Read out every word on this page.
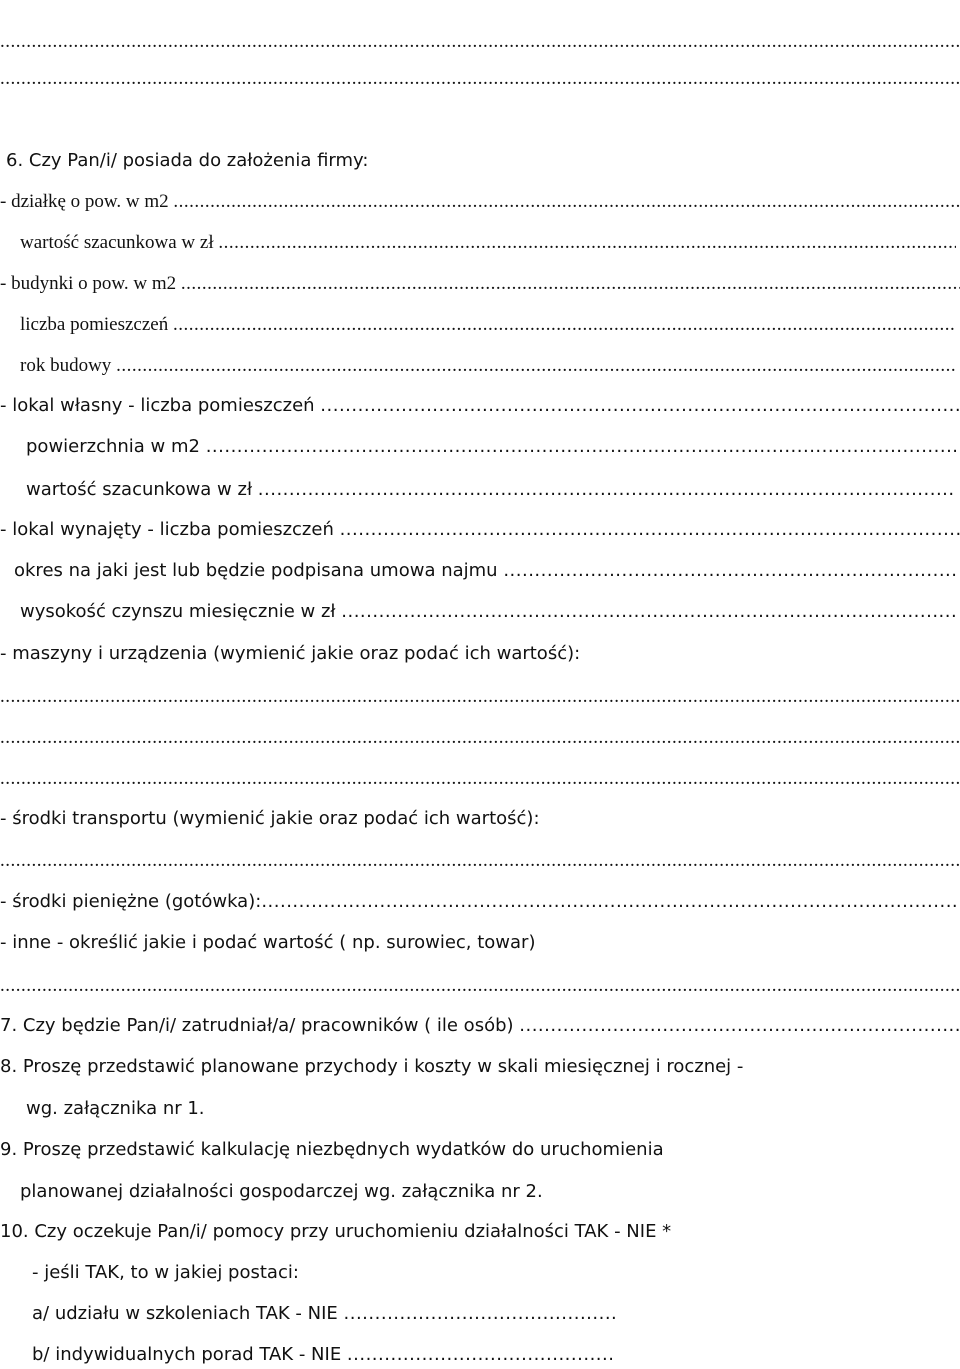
.....
.....
6. Czy Pan/i/ posiada do założenia firmy:
- działkę o pow. w m2
.....
wartość szacunkowa w zł
.....
- budynki o pow. w m2
.....
liczba pomieszczeń
.....
rok budowy
.....
- lokal własny - liczba pomieszczeń
.....
powierzchnia w m2
.....
wartość szacunkowa w zł
.....
- lokal wynajęty - liczba pomieszczeń
.....
okres na jaki jest lub będzie podpisana umowa najmu
.....
wysokość czynszu miesięcznie w zł
.....
- maszyny i urządzenia (wymienić jakie oraz podać ich wartość):
.....
.....
.....
- środki transportu (wymienić jakie oraz podać ich wartość):
.....
- środki pieniężne (gotówka):
.....
- inne - określić jakie i podać wartość ( np. surowiec, towar)
.....
7. Czy będzie Pan/i/ zatrudniał/a/ pracowników ( ile osób)
.....
8. Proszę przedstawić planowane przychody i koszty w skali miesięcznej i rocznej -
wg. załącznika nr 1.
9. Proszę przedstawić kalkulację niezbędnych wydatków do uruchomienia
planowanej działalności gospodarczej wg. załącznika nr 2.
10. Czy oczekuje Pan/i/ pomocy przy uruchomieniu działalności TAK - NIE *
- jeśli TAK, to w jakiej postaci:
a/ udziału w szkoleniach TAK - NIE
.....
b/ indywidualnych porad TAK - NIE
.....
